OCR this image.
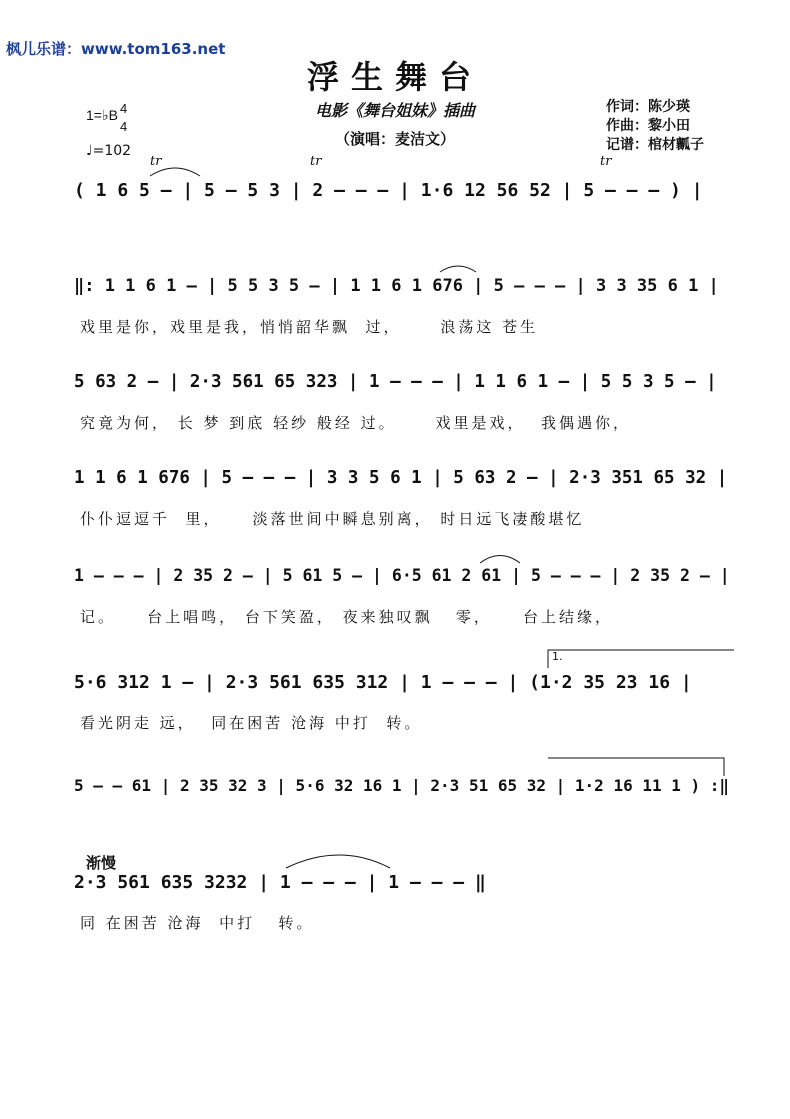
枫儿乐谱：www.tom163.net
浮生舞台
电影《舞台姐妹》插曲
（演唱：麦洁文）
作词：陈少瑛
作曲：黎小田
记谱：棺材瓤子
1=♭B 4
4
♩=102
tr	tr	tr
( 1 6 5 – | 5 – 5 3 | 2 – – – | 1·6 12 56 52 | 5 – – – ) |
‖: 1 1 6 1 – | 5 5 3 5 – | 1 1 6 1 676 | 5 – – – | 3 3 35 6 1 |
戏里是你，戏里是我，悄悄韶华飘  过，     浪荡这 苍生
5 63 2 – | 2·3 561 65 323 | 1 – – – | 1 1 6 1 – | 5 5 3 5 – |
究竟为何， 长 梦 到底 轻纱 般经 过。     戏里是戏，  我偶遇你，
1 1 6 1 676 | 5 – – – | 3 3 5 6 1 | 5 63 2 – | 2·3 351 65 32 |
仆仆逗逗千  里，    淡落世间中瞬息别离， 时日远飞凄酸堪忆
1 – – – | 2 35 2 – | 5 61 5 – | 6·5 61 2 61 | 5 – – – | 2 35 2 – |
记。    台上唱鸣， 台下笑盈， 夜来独叹飘   零，    台上结缘，
1.
5·6 312 1 – | 2·3 561 635 312 | 1 – – – | (1·2 35 23 16 |
看光阴走 远，  同在困苦 沧海 中打  转。
5 – – 61 | 2 35 32 3 | 5·6 32 16 1 | 2·3 51 65 32 | 1·2 16 11 1 ) :‖
渐慢
2·3 561 635 3232 | 1 – – – | 1 – – – ‖
同 在困苦 沧海  中打   转。
